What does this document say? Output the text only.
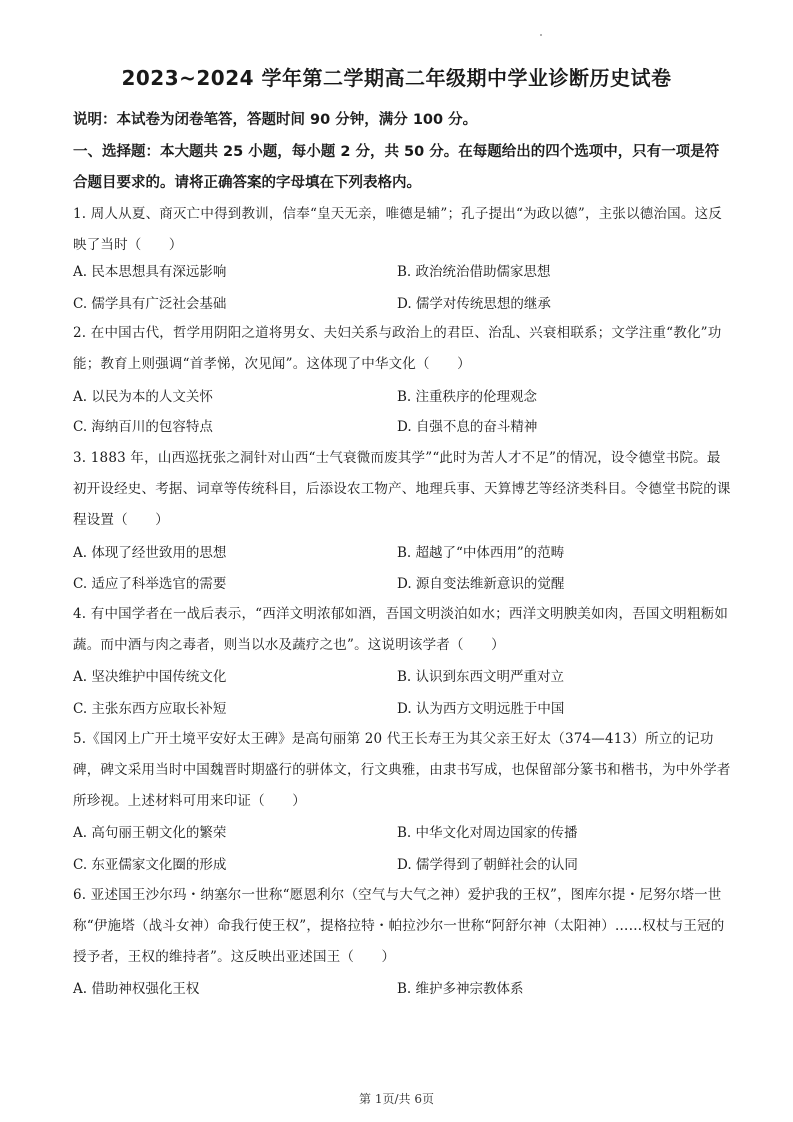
2023~2024 学年第二学期高二年级期中学业诊断历史试卷
说明：本试卷为闭卷笔答，答题时间 90 分钟，满分 100 分。
一、选择题：本大题共 25 小题，每小题 2 分，共 50 分。在每题给出的四个选项中，只有一项是符合题目要求的。请将正确答案的字母填在下列表格内。
1. 周人从夏、商灭亡中得到教训，信奉“皇天无亲，唯德是辅”；孔子提出“为政以德”，主张以德治国。这反映了当时（　　）
A. 民本思想具有深远影响	B. 政治统治借助儒家思想
C. 儒学具有广泛社会基础	D. 儒学对传统思想的继承
2. 在中国古代，哲学用阴阳之道将男女、夫妇关系与政治上的君臣、治乱、兴衰相联系；文学注重“教化”功能；教育上则强调“首孝悌，次见闻”。这体现了中华文化（　　）
A. 以民为本的人文关怀	B. 注重秩序的伦理观念
C. 海纳百川的包容特点	D. 自强不息的奋斗精神
3. 1883 年，山西巡抚张之洞针对山西“士气衰微而废其学”“此时为苦人才不足”的情况，设令德堂书院。最初开设经史、考据、词章等传统科目，后添设农工物产、地理兵事、天算博艺等经济类科目。令德堂书院的课程设置（　　）
A. 体现了经世致用的思想	B. 超越了“中体西用”的范畴
C. 适应了科举选官的需要	D. 源自变法维新意识的觉醒
4. 有中国学者在一战后表示，“西洋文明浓郁如酒，吾国文明淡泊如水；西洋文明腴美如肉，吾国文明粗粝如蔬。而中酒与肉之毒者，则当以水及蔬疗之也”。这说明该学者（　　）
A. 坚决维护中国传统文化	B. 认识到东西文明严重对立
C. 主张东西方应取长补短	D. 认为西方文明远胜于中国
5.《国冈上广开土境平安好太王碑》是高句丽第 20 代王长寿王为其父亲王好太（374—413）所立的记功碑，碑文采用当时中国魏晋时期盛行的骈体文，行文典雅，由隶书写成，也保留部分篆书和楷书，为中外学者所珍视。上述材料可用来印证（　　）
A. 高句丽王朝文化的繁荣	B. 中华文化对周边国家的传播
C. 东亚儒家文化圈的形成	D. 儒学得到了朝鲜社会的认同
6. 亚述国王沙尔玛・纳塞尔一世称“愿恩利尔（空气与大气之神）爱护我的王权”，图库尔提・尼努尔塔一世称“伊施塔（战斗女神）命我行使王权”，提格拉特・帕拉沙尔一世称“阿舒尔神（太阳神）……权杖与王冠的授予者，王权的维持者”。这反映出亚述国王（　　）
A. 借助神权强化王权	B. 维护多神宗教体系
第 1页/共 6页
